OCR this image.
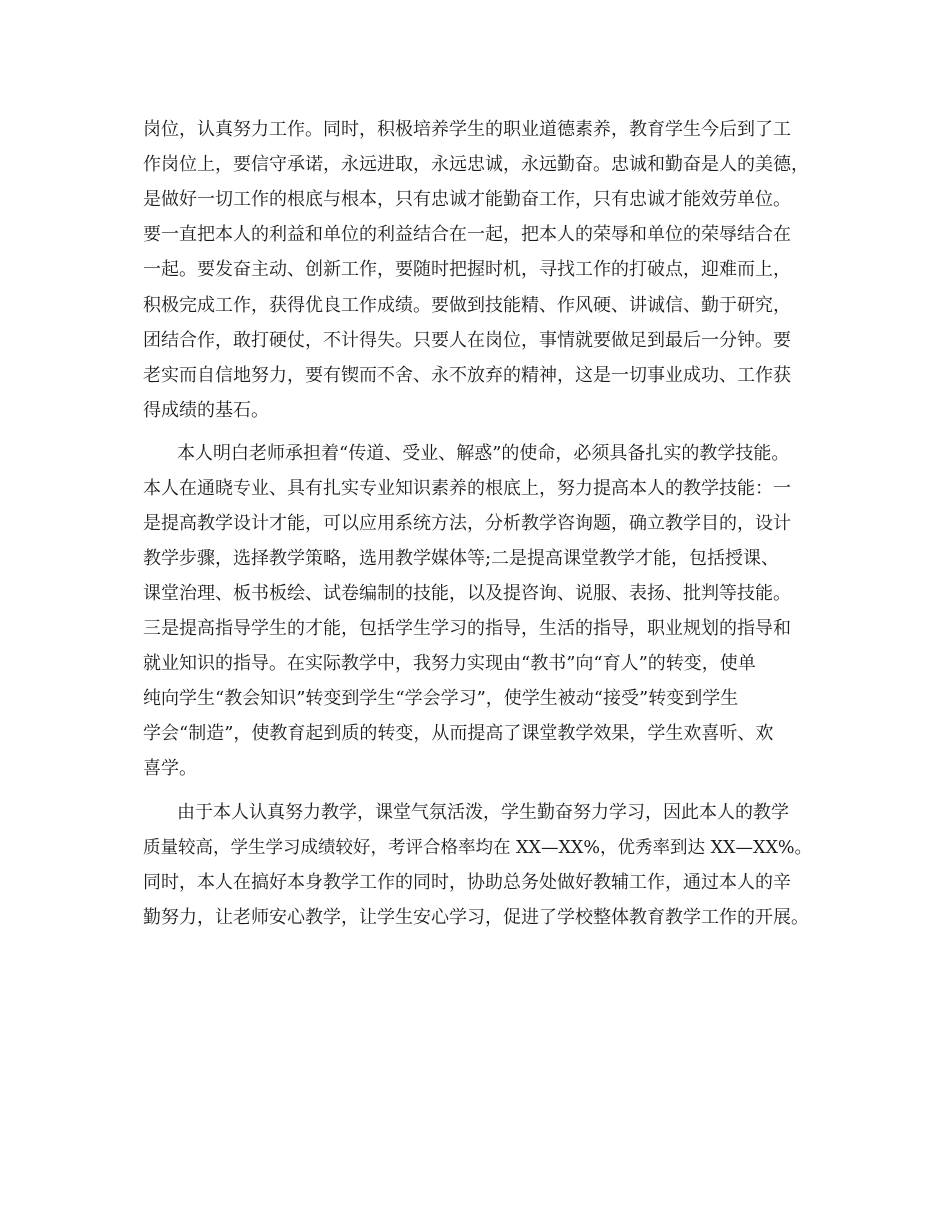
岗位，认真努力工作。同时，积极培养学生的职业道德素养，教育学生今后到了工
作岗位上，要信守承诺，永远进取，永远忠诚，永远勤奋。忠诚和勤奋是人的美德，
是做好一切工作的根底与根本，只有忠诚才能勤奋工作，只有忠诚才能效劳单位。
要一直把本人的利益和单位的利益结合在一起，把本人的荣辱和单位的荣辱结合在
一起。要发奋主动、创新工作，要随时把握时机，寻找工作的打破点，迎难而上，
积极完成工作，获得优良工作成绩。要做到技能精、作风硬、讲诚信、勤于研究，
团结合作，敢打硬仗，不计得失。只要人在岗位，事情就要做足到最后一分钟。要
老实而自信地努力，要有锲而不舍、永不放弃的精神，这是一切事业成功、工作获
得成绩的基石。
本人明白老师承担着“传道、受业、解惑”的使命，必须具备扎实的教学技能。
本人在通晓专业、具有扎实专业知识素养的根底上，努力提高本人的教学技能：一
是提高教学设计才能，可以应用系统方法，分析教学咨询题，确立教学目的，设计
教学步骤，选择教学策略，选用教学媒体等;二是提高课堂教学才能，包括授课、
课堂治理、板书板绘、试卷编制的技能，以及提咨询、说服、表扬、批判等技能。
三是提高指导学生的才能，包括学生学习的指导，生活的指导，职业规划的指导和
就业知识的指导。在实际教学中，我努力实现由“教书”向“育人”的转变，使单
纯向学生“教会知识”转变到学生“学会学习”，使学生被动“接受”转变到学生
学会“制造”，使教育起到质的转变，从而提高了课堂教学效果，学生欢喜听、欢
喜学。
由于本人认真努力教学，课堂气氛活泼，学生勤奋努力学习，因此本人的教学
质量较高，学生学习成绩较好，考评合格率均在 XX—XX%，优秀率到达 XX—XX%。
同时，本人在搞好本身教学工作的同时，协助总务处做好教辅工作，通过本人的辛
勤努力，让老师安心教学，让学生安心学习，促进了学校整体教育教学工作的开展。
